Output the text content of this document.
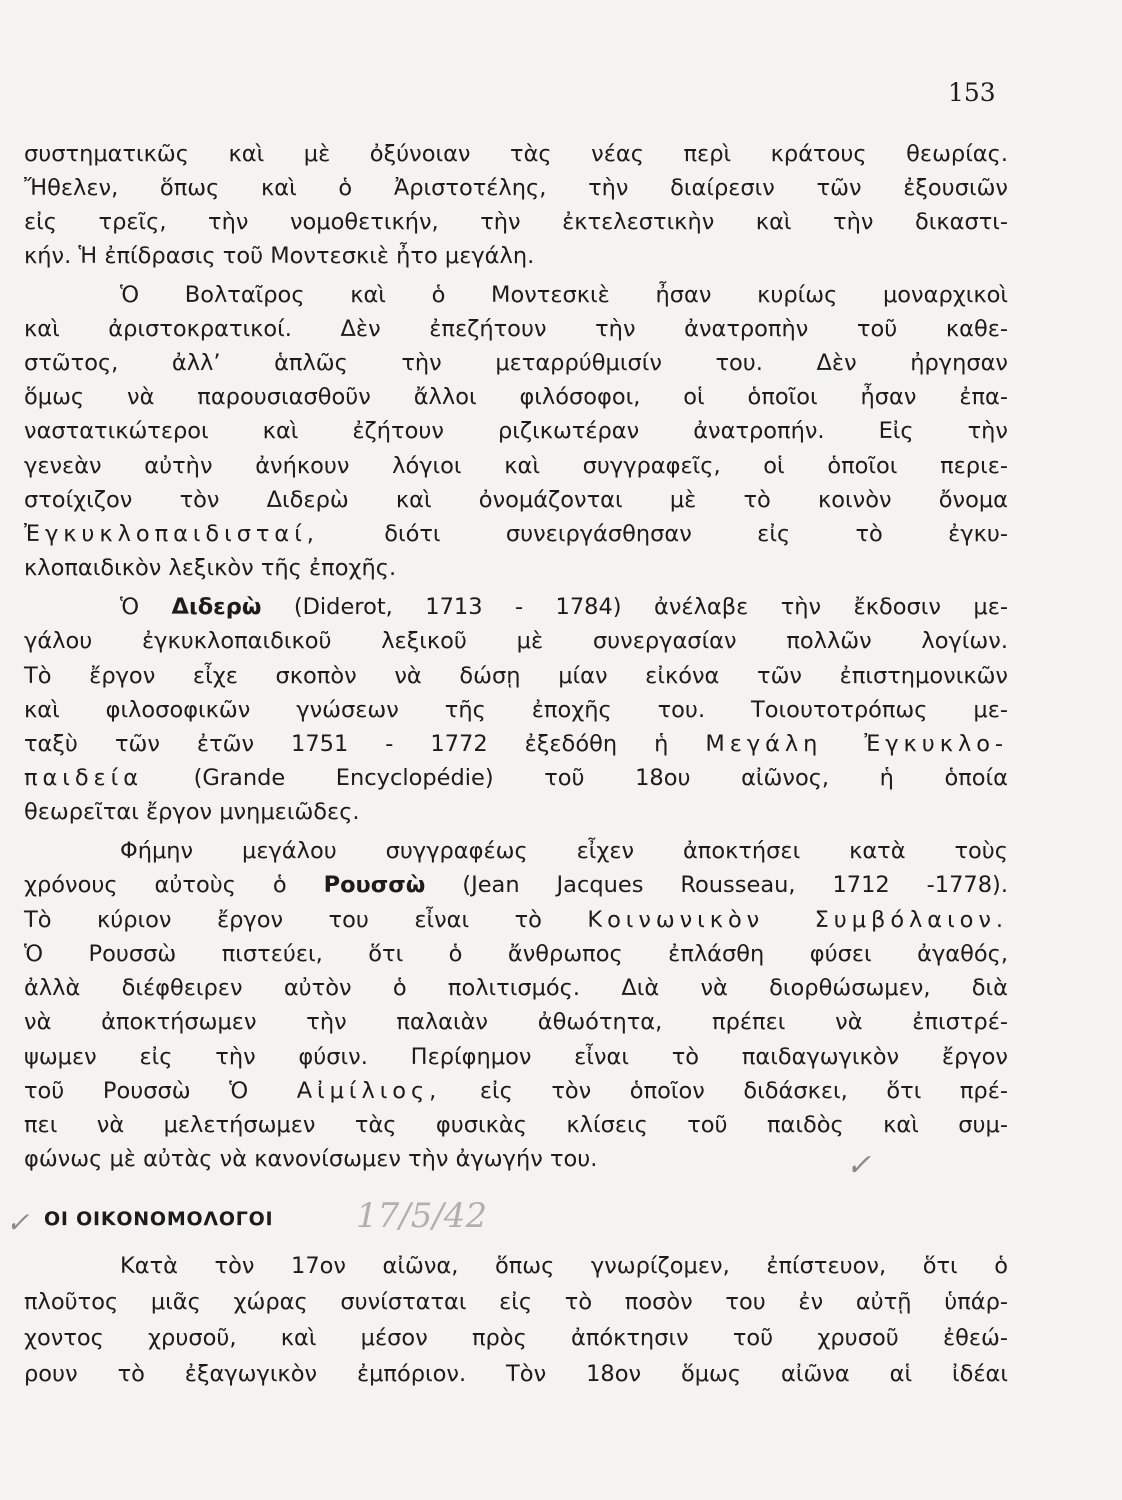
153
συστηματικῶς καὶ μὲ ὀξύνοιαν τὰς νέας περὶ κράτους θεωρίας.
Ἤθελεν, ὅπως καὶ ὁ Ἀριστοτέλης, τὴν διαίρεσιν τῶν ἐξουσιῶν
εἰς τρεῖς, τὴν νομοθετικήν, τὴν ἐκτελεστικὴν καὶ τὴν δικαστι-
κήν. Ἡ ἐπίδρασις τοῦ Μοντεσκιὲ ἦτο μεγάλη.
Ὁ Βολταῖρος καὶ ὁ Μοντεσκιὲ ἦσαν κυρίως μοναρχικοὶ
καὶ ἀριστοκρατικοί. Δὲν ἐπεζήτουν τὴν ἀνατροπὴν τοῦ καθε-
στῶτος, ἀλλ’ ἁπλῶς τὴν μεταρρύθμισίν του. Δὲν ἠργησαν
ὅμως νὰ παρουσιασθοῦν ἄλλοι φιλόσοφοι, οἱ ὁποῖοι ἦσαν ἐπα-
ναστατικώτεροι καὶ ἐζήτουν ριζικωτέραν ἀνατροπήν. Εἰς τὴν
γενεὰν αὐτὴν ἀνήκουν λόγιοι καὶ συγγραφεῖς, οἱ ὁποῖοι περιε-
στοίχιζον τὸν Διδερὼ καὶ ὀνομάζονται μὲ τὸ κοινὸν ὄνομα
Ἐγκυκλοπαιδισταί, διότι συνειργάσθησαν εἰς τὸ ἐγκυ-
κλοπαιδικὸν λεξικὸν τῆς ἐποχῆς.
Ὁ Διδερὼ (Diderot, 1713 - 1784) ἀνέλαβε τὴν ἔκδοσιν με-
γάλου ἐγκυκλοπαιδικοῦ λεξικοῦ μὲ συνεργασίαν πολλῶν λογίων.
Τὸ ἔργον εἶχε σκοπὸν νὰ δώσῃ μίαν εἰκόνα τῶν ἐπιστημονικῶν
καὶ φιλοσοφικῶν γνώσεων τῆς ἐποχῆς του. Τοιουτοτρόπως με-
ταξὺ τῶν ἐτῶν 1751 - 1772 ἐξεδόθη ἡ Μεγάλη Ἐγκυκλο-
παιδεία (Grande Encyclopédie) τοῦ 18ου αἰῶνος, ἡ ὁποία
θεωρεῖται ἔργον μνημειῶδες.
Φήμην μεγάλου συγγραφέως εἶχεν ἀποκτήσει κατὰ τοὺς
χρόνους αὐτοὺς ὁ Ρουσσὼ (Jean Jacques Rousseau, 1712 -1778).
Τὸ κύριον ἔργον του εἶναι τὸ Κοινωνικὸν Συμβόλαιον.
Ὁ Ρουσσὼ πιστεύει, ὅτι ὁ ἄνθρωπος ἐπλάσθη φύσει ἀγαθός,
ἀλλὰ διέφθειρεν αὐτὸν ὁ πολιτισμός. Διὰ νὰ διορθώσωμεν, διὰ
νὰ ἀποκτήσωμεν τὴν παλαιὰν ἀθωότητα, πρέπει νὰ ἐπιστρέ-
ψωμεν εἰς τὴν φύσιν. Περίφημον εἶναι τὸ παιδαγωγικὸν ἔργον
τοῦ Ρουσσὼ Ὁ Αἰμίλιος, εἰς τὸν ὁποῖον διδάσκει, ὅτι πρέ-
πει νὰ μελετήσωμεν τὰς φυσικὰς κλίσεις τοῦ παιδὸς καὶ συμ-
φώνως μὲ αὐτὰς νὰ κανονίσωμεν τὴν ἀγωγήν του.	✓
✓ ΟΙ ΟΙΚΟΝΟΜΟΛΟΓΟΙ 17/5/42
Κατὰ τὸν 17ον αἰῶνα, ὅπως γνωρίζομεν, ἐπίστευον, ὅτι ὁ
πλοῦτος μιᾶς χώρας συνίσταται εἰς τὸ ποσὸν του ἐν αὐτῇ ὑπάρ-
χοντος χρυσοῦ, καὶ μέσον πρὸς ἀπόκτησιν τοῦ χρυσοῦ ἐθεώ-
ρουν τὸ ἐξαγωγικὸν ἐμπόριον. Τὸν 18ον ὅμως αἰῶνα αἱ ἰδέαι
